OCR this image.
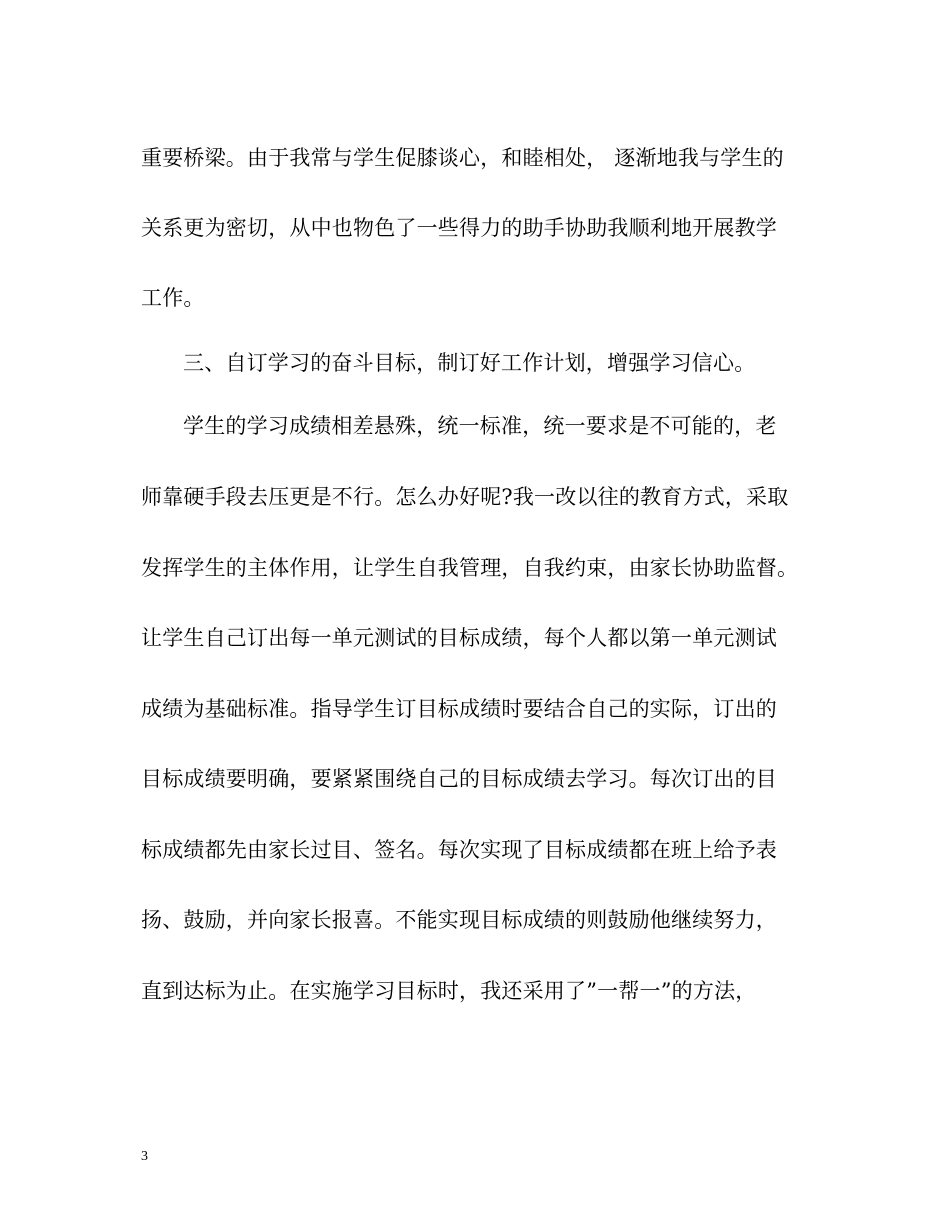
重要桥梁。由于我常与学生促膝谈心，和睦相处， 逐渐地我与学生的
关系更为密切，从中也物色了一些得力的助手协助我顺利地开展教学
工作。
三、自订学习的奋斗目标，制订好工作计划，增强学习信心。
学生的学习成绩相差悬殊，统一标准，统一要求是不可能的，老
师靠硬手段去压更是不行。怎么办好呢?我一改以往的教育方式，采取
发挥学生的主体作用，让学生自我管理，自我约束，由家长协助监督。
让学生自己订出每一单元测试的目标成绩，每个人都以第一单元测试
成绩为基础标准。指导学生订目标成绩时要结合自己的实际，订出的
目标成绩要明确，要紧紧围绕自己的目标成绩去学习。每次订出的目
标成绩都先由家长过目、签名。每次实现了目标成绩都在班上给予表
扬、鼓励，并向家长报喜。不能实现目标成绩的则鼓励他继续努力，
直到达标为止。在实施学习目标时，我还采用了”一帮一”的方法，
3
